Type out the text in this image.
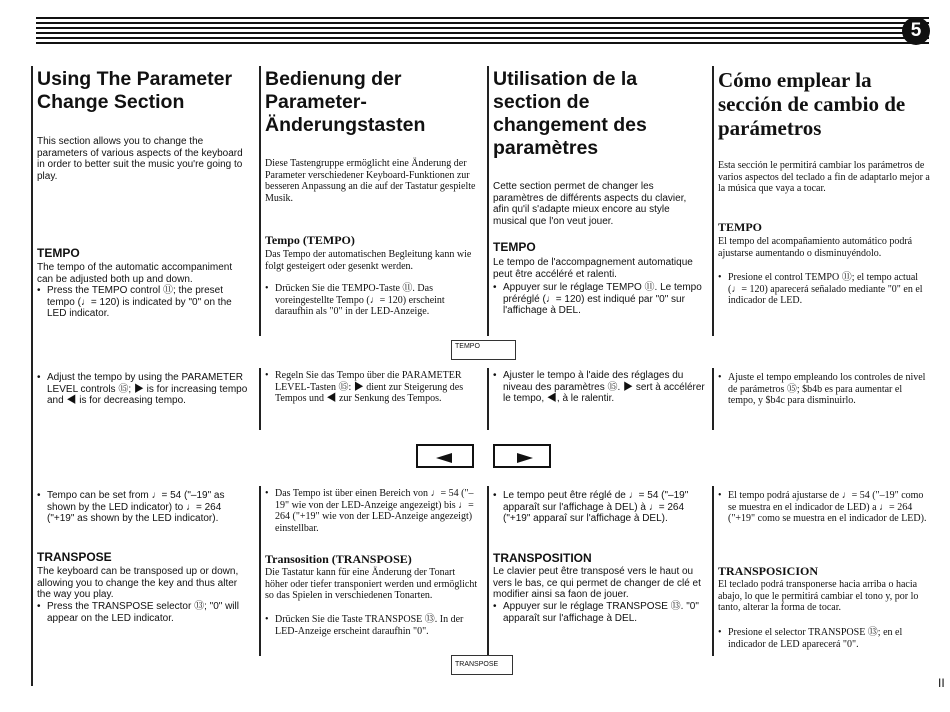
5
Using The Parameter
Change Section

This section allows you to change the parameters of various aspects of the keyboard in order to better suit the music you're going to play.

TEMPO

The tempo of the automatic accompaniment can be adjusted both up and down.

• Press the TEMPO control ⑪; the preset tempo (♩= 120) is indicated by "0" on the LED indicator.
• Adjust the tempo by using the PARAMETER LEVEL controls ⑮; ▶ is for increasing tempo and ◀ is for decreasing tempo.
• Tempo can be set from ♩= 54 ("–19" as shown by the LED indicator) to ♩= 264 ("+19" as shown by the LED indicator).
TRANSPOSE

The keyboard can be transposed up or down, allowing you to change the key and thus alter the way you play.

• Press the TRANSPOSE selector ⑬; "0" will appear on the LED indicator.
Bedienung der
Parameter-
Änderungstasten

Diese Tastengruppe ermöglicht eine Änderung der Parameter verschiedener Keyboard-Funktionen zur besseren Anpassung an die auf der Tastatur gespielte Musik.

Tempo (TEMPO)

Das Tempo der automatischen Begleitung kann wie folgt gesteigert oder gesenkt werden.

• Drücken Sie die TEMPO-Taste ⑪. Das voreingestellte Tempo (♩= 120) erscheint daraufhin als "0" in der LED-Anzeige.
• Regeln Sie das Tempo über die PARAMETER LEVEL-Tasten ⑮: ▶ dient zur Steigerung des Tempos und ◀ zur Senkung des Tempos.
• Das Tempo ist über einen Bereich von ♩= 54 ("–19" wie von der LED-Anzeige angezeigt) bis ♩= 264 ("+19" wie von der LED-Anzeige angezeigt) einstellbar.
Transosition (TRANSPOSE)

Die Tastatur kann für eine Änderung der Tonart höher oder tiefer transponiert werden und ermöglicht so das Spielen in verschiedenen Tonarten.

• Drücken Sie die Taste TRANSPOSE ⑬. In der LED-Anzeige erscheint daraufhin "0".
Utilisation de la
section de
changement des
paramètres

Cette section permet de changer les paramètres de différents aspects du clavier, afin qu'il s'adapte mieux encore au style musical que l'on veut jouer.

TEMPO

Le tempo de l'accompagnement automatique peut être accéléré et ralenti.

• Appuyer sur le réglage TEMPO ⑪. Le tempo préréglé (♩= 120) est indiqué par "0" sur l'affichage à DEL.
• Ajuster le tempo à l'aide des réglages du niveau des paramètres ⑮. ▶ sert à accélérer le tempo, ◀, à le ralentir.
• Le tempo peut être réglé de ♩= 54 ("–19" apparaît sur l'affichage à DEL) à ♩= 264 ("+19" apparaî sur l'affichage à DEL).
TRANSPOSITION

Le clavier peut être transposé vers le haut ou vers le bas, ce qui permet de changer de clé et modifier ainsi sa faon de jouer.

• Appuyer sur le réglage TRANSPOSE ⑬. "0" apparaît sur l'affichage à DEL.
Cómo emplear la
sección de cambio de
parámetros

Esta sección le permitirá cambiar los parámetros de varios aspectos del teclado a fin de adaptarlo mejor a la música que vaya a tocar.

TEMPO

El tempo del acompañamiento automático podrá ajustarse aumentando o disminuyéndolo.

• Presione el control TEMPO ⑪; el tempo actual (♩= 120) aparecerá señalado mediante "0" en el indicador de LED.
• Ajuste el tempo empleando los controles de nivel de parámetros ⑮; $b4b es para aumentar el tempo, y $b4c para disminuirlo.
• El tempo podrá ajustarse de ♩= 54 ("–19" como se muestra en el indicador de LED) a ♩= 264 ("+19" como se muestra en el indicador de LED).
TRANSPOSICION

El teclado podrá transponerse hacia arriba o hacia abajo, lo que le permitirá cambiar el tono y, por lo tanto, alterar la forma de tocar.

• Presione el selector TRANSPOSE ⑬; en el indicador de LED aparecerá "0".
TEMPO
TRANSPOSE
II
